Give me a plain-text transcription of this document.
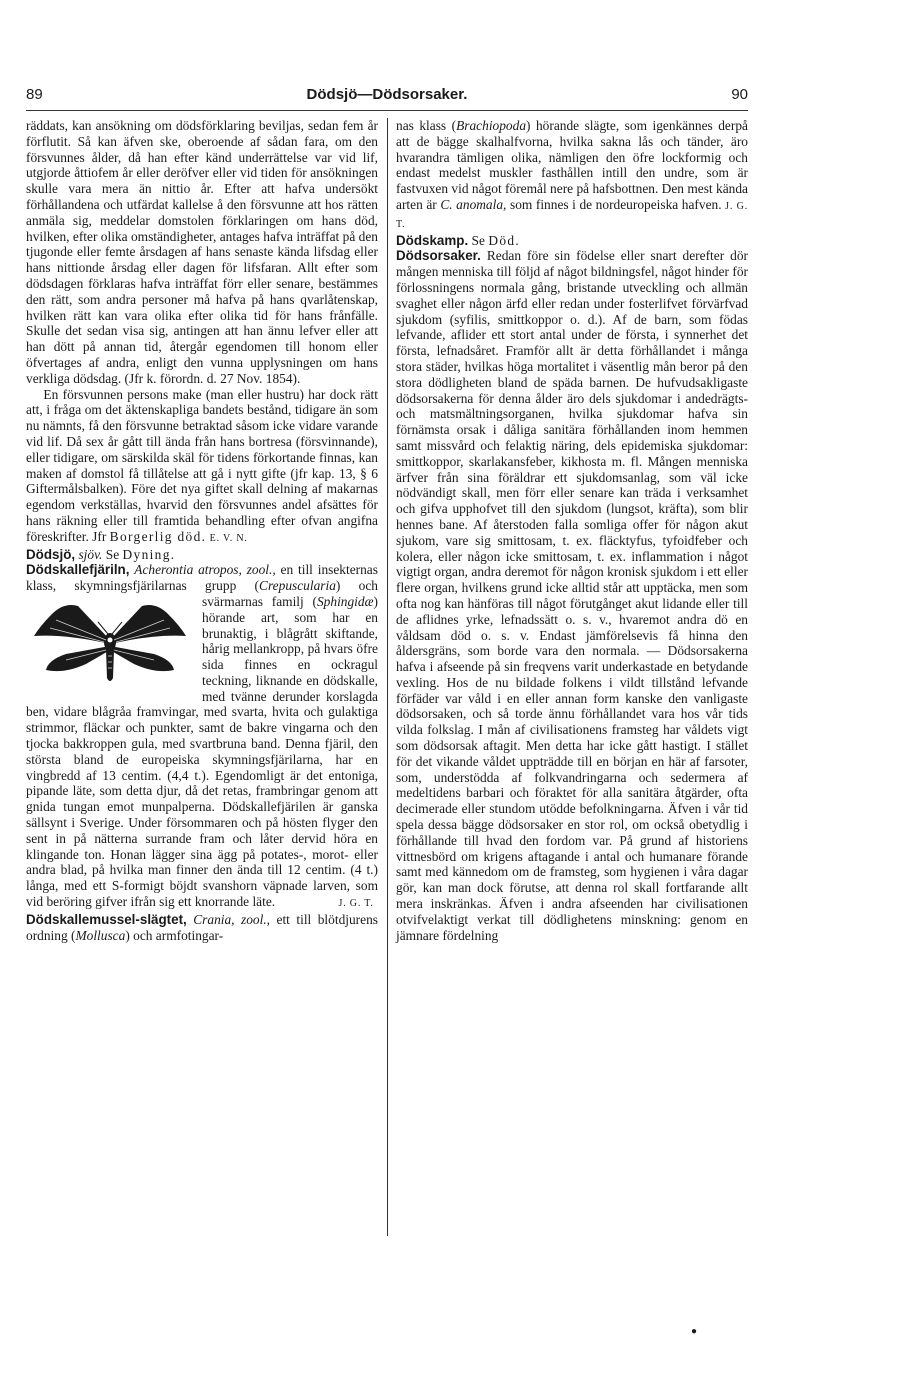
89	Dödsjö—Dödsorsaker.	90

räddats, kan ansökning om dödsförklaring beviljas, sedan fem år förflutit. Så kan äfven ske, oberoende af sådan fara, om den försvunnes ålder, då han efter känd underrättelse var vid lif, utgjorde åttiofem år eller deröfver eller vid tiden för ansökningen skulle vara mera än nittio år. Efter att hafva undersökt förhållandena och utfärdat kallelse å den försvunne att hos rätten anmäla sig, meddelar domstolen förklaringen om hans död, hvilken, efter olika omständigheter, antages hafva inträffat på den tjugonde eller femte årsdagen af hans senaste kända lifsdag eller hans nittionde årsdag eller dagen för lifsfaran. Allt efter som dödsdagen förklaras hafva inträffat förr eller senare, bestämmes den rätt, som andra personer må hafva på hans qvarlåtenskap, hvilken rätt kan vara olika efter olika tid för hans frånfälle. Skulle det sedan visa sig, antingen att han ännu lefver eller att han dött på annan tid, återgår egendomen till honom eller öfvertages af andra, enligt den vunna upplysningen om hans verkliga dödsdag. (Jfr k. förordn. d. 27 Nov. 1854).

En försvunnen persons make (man eller hustru) har dock rätt att, i fråga om det äktenskapliga bandets bestånd, tidigare än som nu nämnts, få den försvunne betraktad såsom icke vidare varande vid lif. Då sex år gått till ända från hans bortresa (försvinnande), eller tidigare, om särskilda skäl för tidens förkortande finnas, kan maken af domstol få tillåtelse att gå i nytt gifte (jfr kap. 13, § 6 Giftermålsbalken). Före det nya giftet skall delning af makarnas egendom verkställas, hvarvid den försvunnes andel afsättes för hans räkning eller till framtida behandling efter ofvan angifna föreskrifter. Jfr Borgerlig död. E. V. N.

Dödsjö, sjöv. Se Dyning.

Dödskallefjäriln, Acherontia atropos, zool., en till insekternas klass, skymningsfjärilarnas grupp (Crepuscularia) och svärmarnas familj (
Sphingidæ) hörande art, som har en brunaktig, i blågrått skiftande, hårig mellankropp, på hvars öfre sida finnes en ockragul teckning, liknande en dödskalle, med tvänne derunder korslagda ben, vidare blågråa framvingar, med svarta, hvita och gulaktiga strimmor, fläckar och punkter, samt de bakre vingarna och den tjocka bakkroppen gula, med svartbruna band. Denna fjäril, den största bland de europeiska skymningsfjärilarna, har en vingbredd af 13 centim. (4,4 t.). Egendomligt är det entoniga, pipande läte, som detta djur, då det retas, frambringar genom att gnida tungan emot munpalperna. Dödskallefjärilen är ganska sällsynt i Sverige. Under försommaren och på hösten flyger den sent in på nätterna surrande fram och låter dervid höra en klingande ton. Honan lägger sina ägg på potates-, morot- eller andra blad, på hvilka man finner den ända till 12 centim. (4 t.) långa, med ett S-formigt böjdt svanshorn väpnade larven, som vid beröring gifver ifrån sig ett knorrande läte.	J. G. T.

Dödskallemussel-slägtet, Crania, zool., ett till blötdjurens ordning (Mollusca) och armfotingar-

nas klass (Brachiopoda) hörande slägte, som igenkännes derpå att de bägge skalhalfvorna, hvilka sakna lås och tänder, äro hvarandra tämligen olika, nämligen den öfre lockformig och endast medelst muskler fasthållen intill den undre, som är fastvuxen vid något föremål nere på hafsbottnen. Den mest kända arten är C. anomala, som finnes i de nordeuropeiska hafven. J. G. T.

Dödskamp. Se Död.

Dödsorsaker. Redan före sin födelse eller snart derefter dör mången menniska till följd af något bildningsfel, något hinder för förlossningens normala gång, bristande utveckling och allmän svaghet eller någon ärfd eller redan under fosterlifvet förvärfvad sjukdom (syfilis, smittkoppor o. d.). Af de barn, som födas lefvande, aflider ett stort antal under de första, i synnerhet det första, lefnadsåret. Framför allt är detta förhållandet i många stora städer, hvilkas höga mortalitet i väsentlig mån beror på den stora dödligheten bland de späda barnen. De hufvudsakligaste dödsorsakerna för denna ålder äro dels sjukdomar i andedrägts- och matsmältningsorganen, hvilka sjukdomar hafva sin förnämsta orsak i dåliga sanitära förhållanden inom hemmen samt missvård och felaktig näring, dels epidemiska sjukdomar: smittkoppor, skarlakansfeber, kikhosta m. fl. Mången menniska ärfver från sina föräldrar ett sjukdomsanlag, som väl icke nödvändigt skall, men förr eller senare kan träda i verksamhet och gifva upphofvet till den sjukdom (lungsot, kräfta), som blir hennes bane. Af återstoden falla somliga offer för någon akut sjukom, vare sig smittosam, t. ex. fläcktyfus, tyfoidfeber och kolera, eller någon icke smittosam, t. ex. inflammation i något vigtigt organ, andra deremot för någon kronisk sjukdom i ett eller flere organ, hvilkens grund icke alltid står att upptäcka, men som ofta nog kan hänföras till något förutgånget akut lidande eller till de aflidnes yrke, lefnadssätt o. s. v., hvaremot andra dö en våldsam död o. s. v. Endast jämförelsevis få hinna den åldersgräns, som borde vara den normala. — Dödsorsakerna hafva i afseende på sin freqvens varit underkastade en betydande vexling. Hos de nu bildade folkens i vildt tillstånd lefvande förfäder var våld i en eller annan form kanske den vanligaste dödsorsaken, och så torde ännu förhållandet vara hos vår tids vilda folkslag. I mån af civilisationens framsteg har våldets vigt som dödsorsak aftagit. Men detta har icke gått hastigt. I stället för det vikande våldet uppträdde till en början en här af farsoter, som, understödda af folkvandringarna och sedermera af medeltidens barbari och föraktet för alla sanitära åtgärder, ofta decimerade eller stundom utödde befolkningarna. Äfven i vår tid spela dessa bägge dödsorsaker en stor rol, om också obetydlig i förhållande till hvad den fordom var. På grund af historiens vittnesbörd om krigens aftagande i antal och humanare förande samt med kännedom om de framsteg, som hygienen i våra dagar gör, kan man dock förutse, att denna rol skall fortfarande allt mera inskränkas. Äfven i andra afseenden har civilisationen otvifvelaktigt verkat till dödlighetens minskning: genom en jämnare fördelning

●
